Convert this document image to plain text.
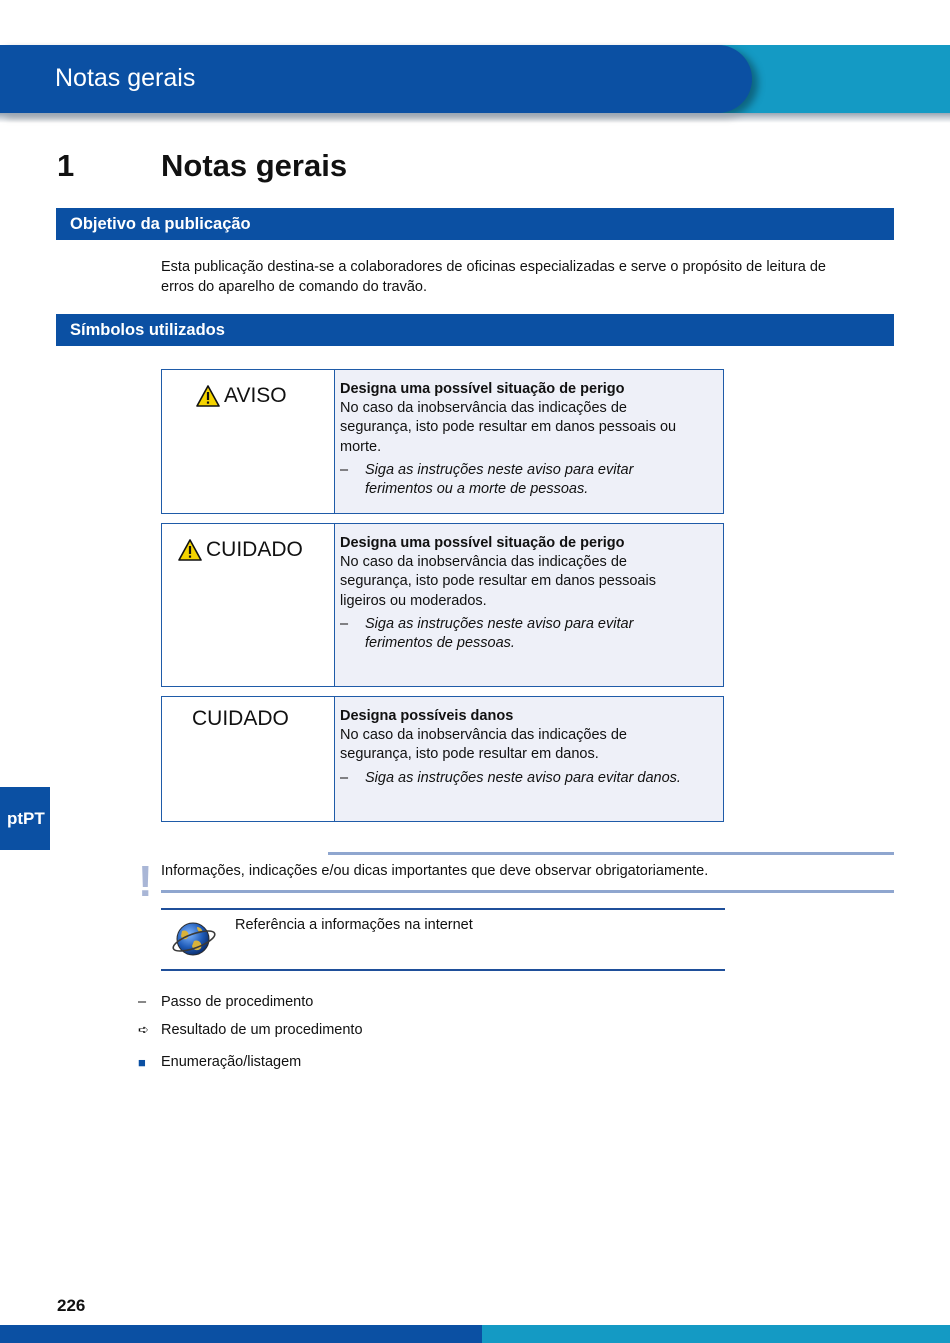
Notas gerais
1	Notas gerais
Objetivo da publicação
Esta publicação destina-se a colaboradores de oficinas especializadas e serve o propósito de leitura de
erros do aparelho de comando do travão.
Símbolos utilizados
AVISO	Designa uma possível situação de perigo
No caso da inobservância das indicações de
segurança, isto pode resultar em danos pessoais ou
morte.
– Siga as instruções neste aviso para evitar
ferimentos ou a morte de pessoas.
CUIDADO	Designa uma possível situação de perigo
No caso da inobservância das indicações de
segurança, isto pode resultar em danos pessoais
ligeiros ou moderados.
– Siga as instruções neste aviso para evitar
ferimentos de pessoas.
CUIDADO	Designa possíveis danos
No caso da inobservância das indicações de
segurança, isto pode resultar em danos.
– Siga as instruções neste aviso para evitar danos.
! Informações, indicações e/ou dicas importantes que deve observar obrigatoriamente.
Referência a informações na internet
–	Passo de procedimento
➪ Resultado de um procedimento
■	Enumeração/listagem
ptPT
226
